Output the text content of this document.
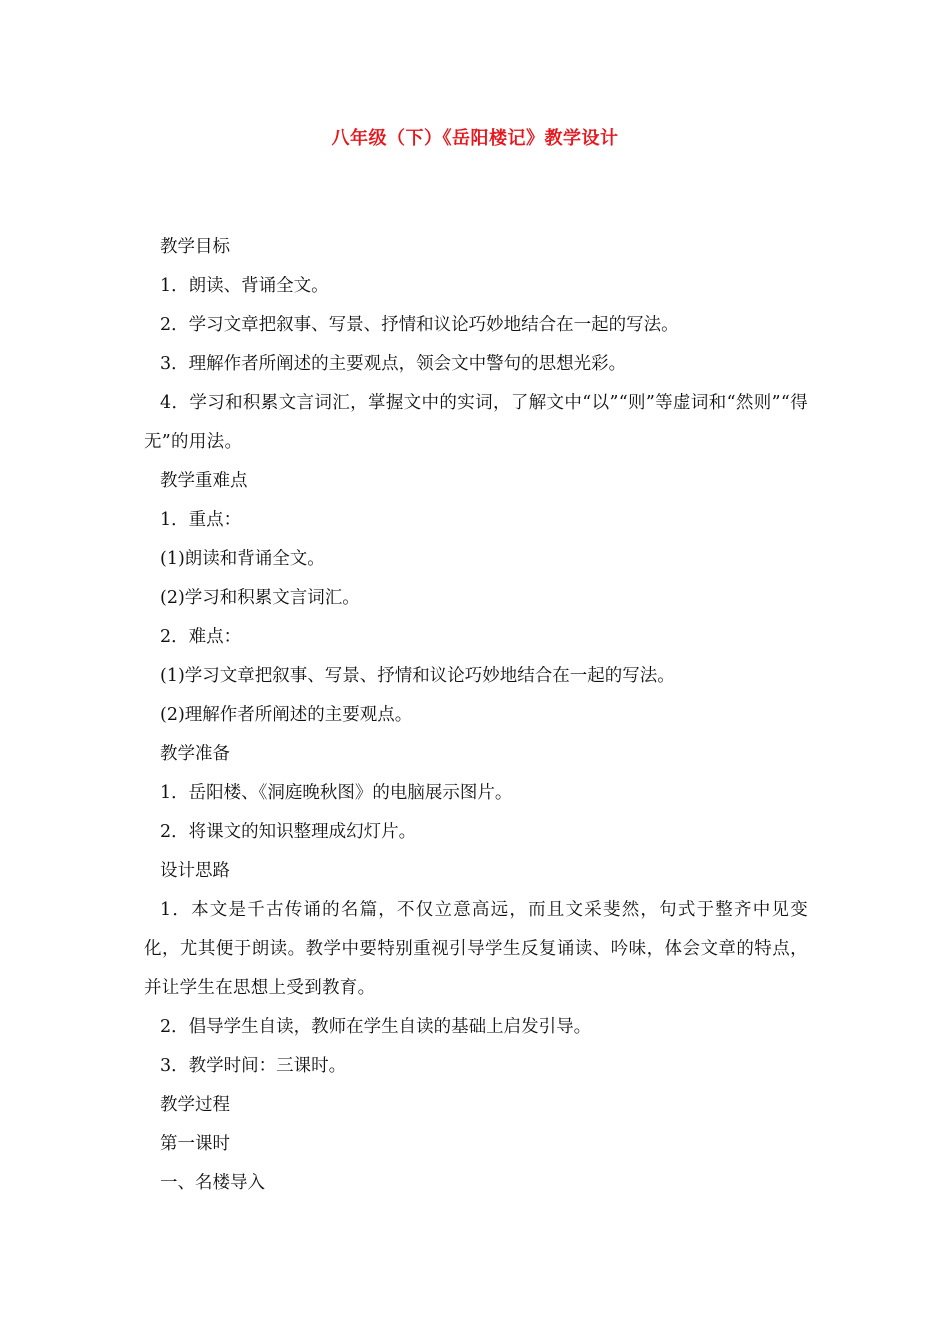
八年级（下）《岳阳楼记》教学设计

教学目标

1．朗读、背诵全文。

2．学习文章把叙事、写景、抒情和议论巧妙地结合在一起的写法。

3．理解作者所阐述的主要观点，领会文中警句的思想光彩。

4．学习和积累文言词汇，掌握文中的实词，了解文中“以”“则”等虚词和“然则”“得无”的用法。

教学重难点

1．重点：

(1)朗读和背诵全文。

(2)学习和积累文言词汇。

2．难点：

(1)学习文章把叙事、写景、抒情和议论巧妙地结合在一起的写法。

(2)理解作者所阐述的主要观点。

教学准备

1．岳阳楼、《洞庭晚秋图》的电脑展示图片。

2．将课文的知识整理成幻灯片。

设计思路

1．本文是千古传诵的名篇，不仅立意高远，而且文采斐然，句式于整齐中见变化，尤其便于朗读。教学中要特别重视引导学生反复诵读、吟味，体会文章的特点，并让学生在思想上受到教育。

2．倡导学生自读，教师在学生自读的基础上启发引导。

3．教学时间：三课时。

教学过程

第一课时

一、名楼导入
